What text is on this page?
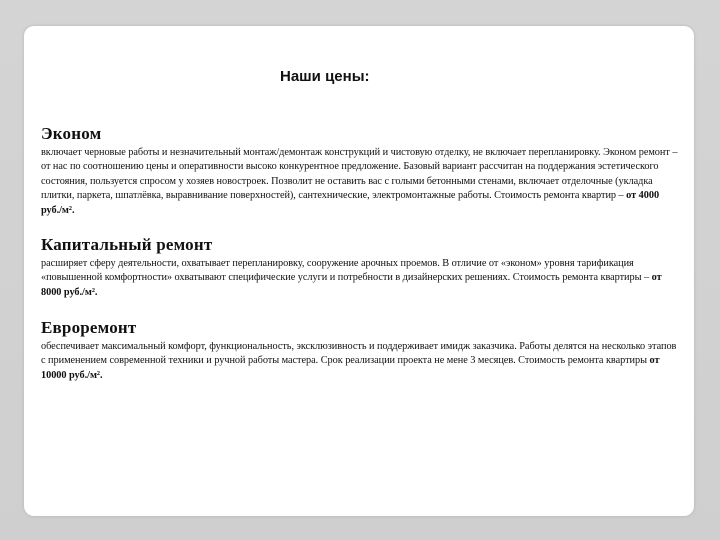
Наши цены:
Эконом

включает черновые работы и незначительный монтаж/демонтаж конструкций и чистовую отделку, не включает перепланировку. Эконом ремонт – от нас по соотношению цены и оперативности высоко конкурентное предложение. Базовый вариант рассчитан на поддержания эстетического состояния, пользуется спросом у хозяев новостроек. Позволит не оставить вас с голыми бетонными стенами, включает отделочные (укладка плитки, паркета, шпатлёвка, выравнивание поверхностей), сантехнические, электромонтажные работы. Стоимость ремонта квартир – от 4000 руб./м².

Капитальный ремонт

расширяет сферу деятельности, охватывает перепланировку, сооружение арочных проемов. В отличие от «эконом» уровня тарификация «повышенной комфортности» охватывают специфические услуги и потребности в дизайнерских решениях. Стоимость ремонта квартиры – от 8000 руб./м².

Евроремонт

обеспечивает максимальный комфорт, функциональность, эксклюзивность и поддерживает имидж заказчика. Работы делятся на несколько этапов с применением современной техники и ручной работы мастера. Срок реализации проекта не мене 3 месяцев. Стоимость ремонта квартиры от 10000 руб./м².
